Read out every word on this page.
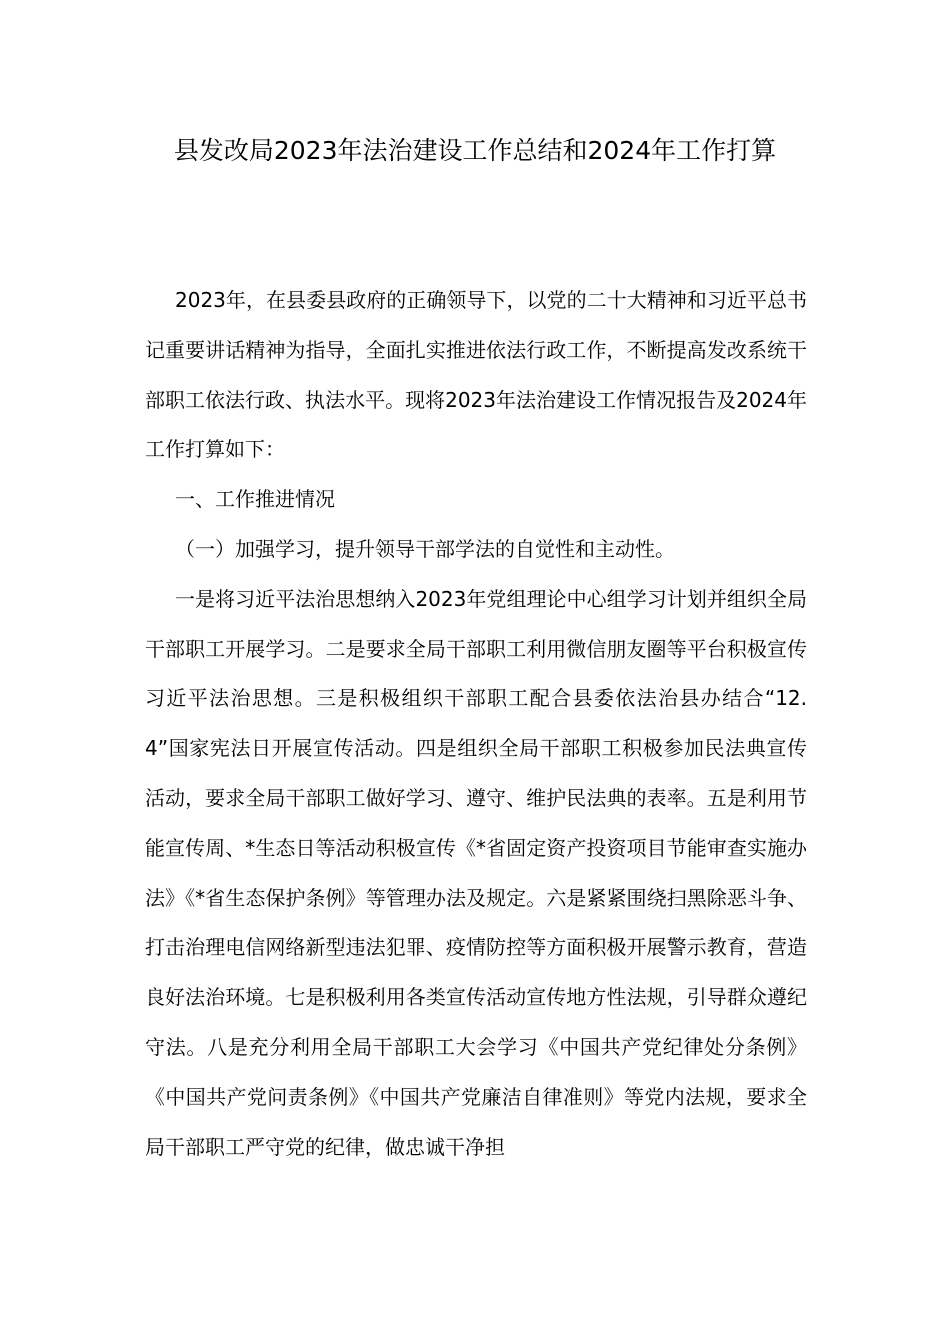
县发改局2023年法治建设工作总结和2024年工作打算

2023年，在县委县政府的正确领导下，以党的二十大精神和习近平总书记重要讲话精神为指导，全面扎实推进依法行政工作，不断提高发改系统干部职工依法行政、执法水平。现将2023年法治建设工作情况报告及2024年工作打算如下：

一、工作推进情况

（一）加强学习，提升领导干部学法的自觉性和主动性。

一是将习近平法治思想纳入2023年党组理论中心组学习计划并组织全局干部职工开展学习。二是要求全局干部职工利用微信朋友圈等平台积极宣传习近平法治思想。三是积极组织干部职工配合县委依法治县办结合“12.4”国家宪法日开展宣传活动。四是组织全局干部职工积极参加民法典宣传活动，要求全局干部职工做好学习、遵守、维护民法典的表率。五是利用节能宣传周、*生态日等活动积极宣传《*省固定资产投资项目节能审查实施办法》《*省生态保护条例》等管理办法及规定。六是紧紧围绕扫黑除恶斗争、打击治理电信网络新型违法犯罪、疫情防控等方面积极开展警示教育，营造良好法治环境。七是积极利用各类宣传活动宣传地方性法规，引导群众遵纪守法。八是充分利用全局干部职工大会学习《中国共产党纪律处分条例》《中国共产党问责条例》《中国共产党廉洁自律准则》等党内法规，要求全局干部职工严守党的纪律，做忠诚干净担
